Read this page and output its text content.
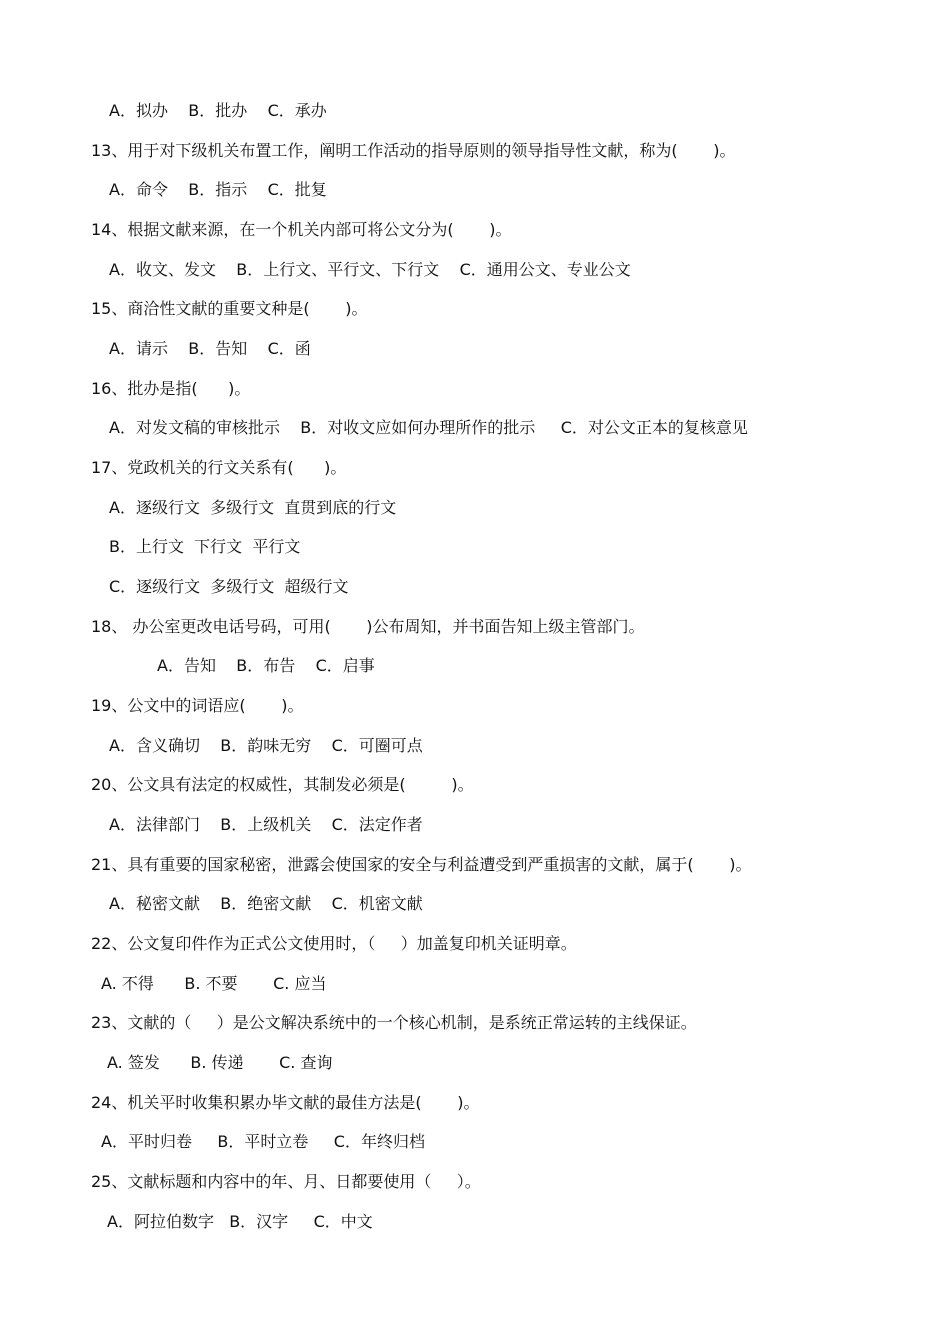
A．拟办    B．批办    C．承办
13、用于对下级机关布置工作，阐明工作活动的指导原则的领导指导性文献，称为(       )。
A．命令    B．指示    C．批复
14、根据文献来源，在一个机关内部可将公文分为(       )。
A．收文、发文    B．上行文、平行文、下行文    C．通用公文、专业公文
15、商洽性文献的重要文种是(       )。
A．请示    B．告知    C．函
16、批办是指(      )。
A．对发文稿的审核批示    B．对收文应如何办理所作的批示     C．对公文正本的复核意见
17、党政机关的行文关系有(      )。
A．逐级行文  多级行文  直贯到底的行文
B．上行文  下行文  平行文
C．逐级行文  多级行文  超级行文
18、 办公室更改电话号码，可用(       )公布周知，并书面告知上级主管部门。
A．告知    B．布告    C．启事
19、公文中的词语应(       )。
A．含义确切    B．韵味无穷    C．可圈可点
20、公文具有法定的权威性，其制发必须是(         )。
A．法律部门    B．上级机关    C．法定作者
21、具有重要的国家秘密，泄露会使国家的安全与利益遭受到严重损害的文献，属于(       )。
A．秘密文献    B．绝密文献    C．机密文献
22、公文复印件作为正式公文使用时，（     ）加盖复印机关证明章。
A. 不得      B. 不要       C. 应当
23、文献的（     ）是公文解决系统中的一个核心机制，是系统正常运转的主线保证。
A. 签发      B. 传递       C. 查询
24、机关平时收集积累办毕文献的最佳方法是(       )。
A．平时归卷     B．平时立卷     C．年终归档
25、文献标题和内容中的年、月、日都要使用（     ）。
A．阿拉伯数字   B．汉字     C．中文
